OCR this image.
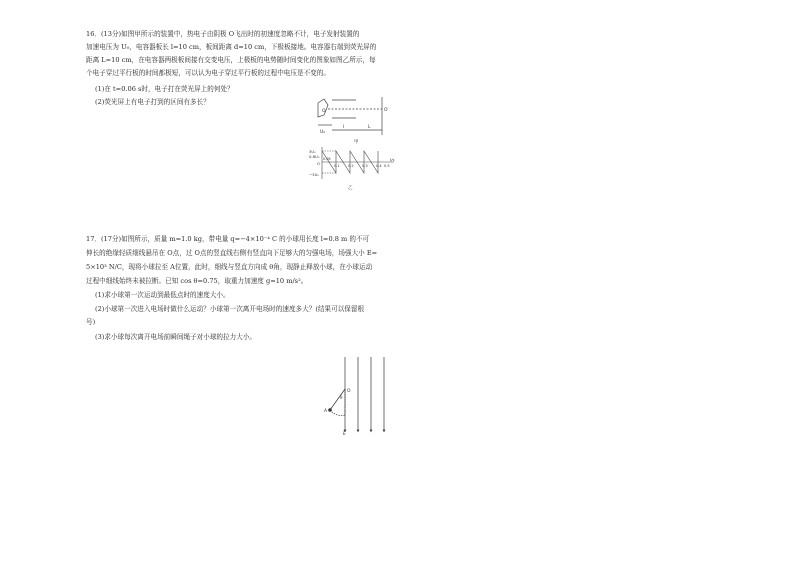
16．(13分)如图甲所示的装置中，热电子由阴极 O飞出时的初速度忽略不计，电子发射装置的
加速电压为 U₀，电容器板长 l=10 cm，板间距离 d=10 cm，下极板接地。电容器右端到荧光屏的
距离 L=10 cm，在电容器两极板间接有交变电压，上极板的电势随时间变化的图象如图乙所示，每
个电子穿过平行板的时间都极短，可以认为电子穿过平行板的过程中电压是不变的。
(1)在 t=0.06 s时，电子打在荧光屏上的何处？
(2)荧光屏上有电子打到的区间有多长？
O	O′
U₀
l	L
甲
3U₀
0.8U₀
O
−3U₀
0.06
0.1 0.2 0.3 0.4 0.5
t/s
乙
17．(17分)如图所示，质量 m=1.0 kg，带电量 q=−4×10⁻⁴ C 的小球用长度 l=0.8 m 的不可
伸长的绝缘轻质细线悬吊在 O点，过 O点的竖直线右侧有竖直向下足够大的匀强电场，场强大小 E=
5×10³ N/C，现将小球拉至 A位置，此时，细线与竖直方向成 θ角，现静止释放小球，在小球运动
过程中细线始终未被拉断。已知 cos θ=0.75，取重力加速度 g=10 m/s²。
(1)求小球第一次运动到最低点时的速度大小。
(2)小球第一次进入电场时做什么运动？小球第一次离开电场时的速度多大？(结果可以保留根
号)
(3)求小球每次离开电场前瞬间绳子对小球的拉力大小。
O
A
θ
E
